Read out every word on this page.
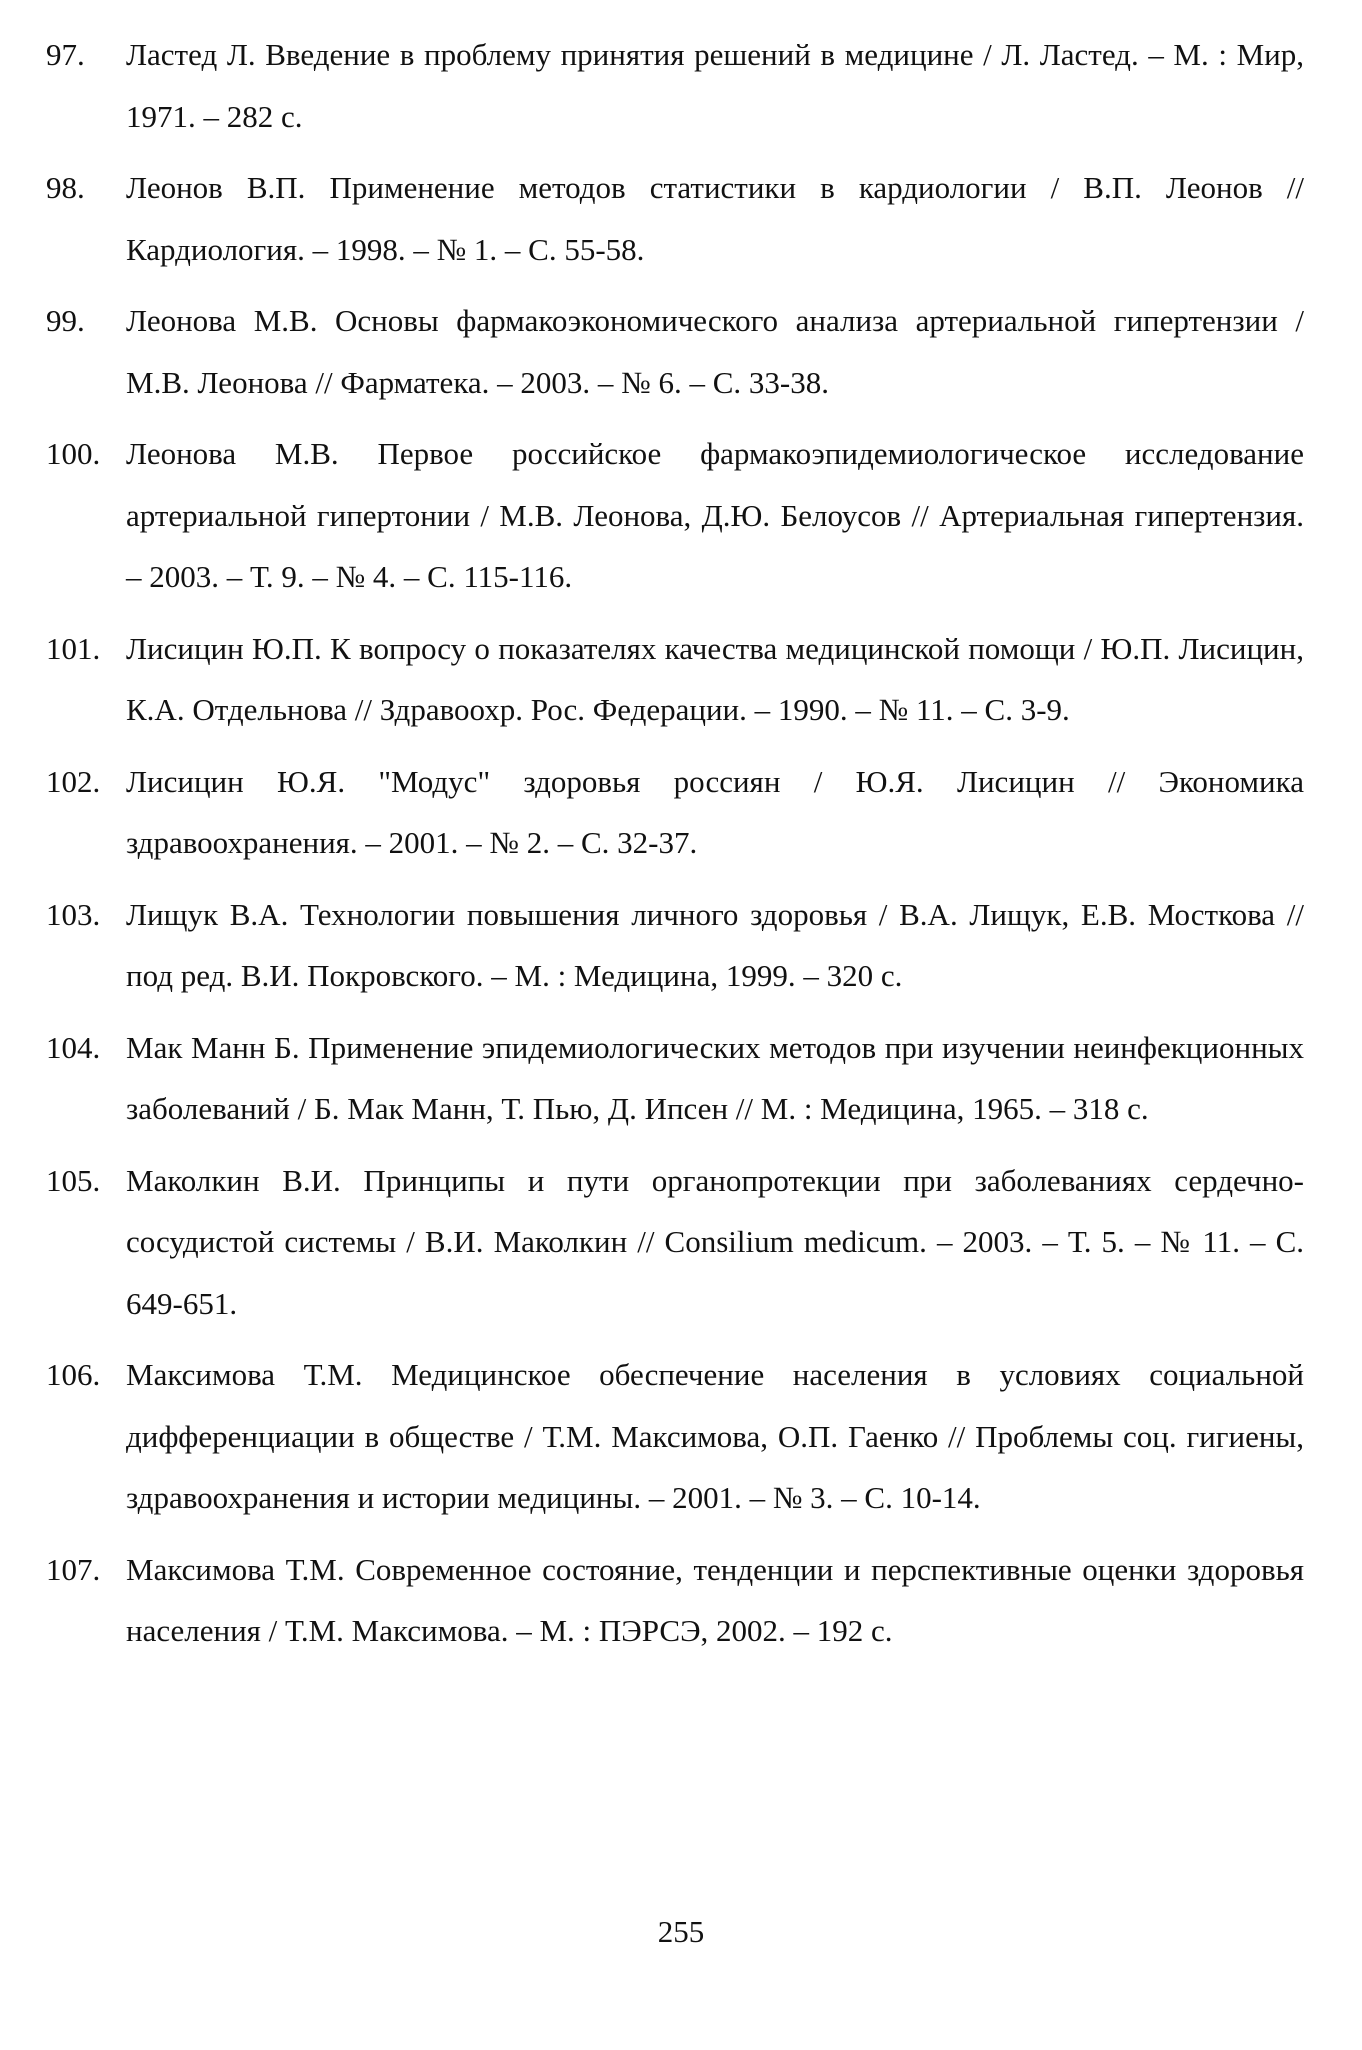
97.	Ластед Л. Введение в проблему принятия решений в медицине / Л. Ластед. – М. : Мир, 1971. – 282 с.
98.	Леонов В.П. Применение методов статистики в кардиологии / В.П. Леонов // Кардиология. – 1998. – № 1. – С. 55-58.
99.	Леонова М.В. Основы фармакоэкономического анализа артериальной гипертензии / М.В. Леонова // Фарматека. – 2003. – № 6. – С. 33-38.
100. Леонова М.В. Первое российское фармакоэпидемиологическое исследование артериальной гипертонии / М.В. Леонова, Д.Ю. Белоусов // Артериальная гипертензия. – 2003. – Т. 9. – № 4. – С. 115-116.
101. Лисицин Ю.П. К вопросу о показателях качества медицинской помощи / Ю.П. Лисицин, К.А. Отдельнова // Здравоохр. Рос. Федерации. – 1990. – № 11. – С. 3-9.
102. Лисицин Ю.Я. "Модус" здоровья россиян / Ю.Я. Лисицин // Экономика здравоохранения. – 2001. – № 2. – С. 32-37.
103. Лищук В.А. Технологии повышения личного здоровья / В.А. Лищук, Е.В. Мосткова // под ред. В.И. Покровского. – М. : Медицина, 1999. – 320 с.
104. Мак Манн Б. Применение эпидемиологических методов при изучении неинфекционных заболеваний / Б. Мак Манн, Т. Пью, Д. Ипсен // М. : Медицина, 1965. – 318 с.
105. Маколкин В.И. Принципы и пути органопротекции при заболеваниях сердечно-сосудистой системы / В.И. Маколкин // Consilium medicum. – 2003. – Т. 5. – № 11. – С. 649-651.
106. Максимова Т.М. Медицинское обеспечение населения в условиях социальной дифференциации в обществе / Т.М. Максимова, О.П. Гаенко // Проблемы соц. гигиены, здравоохранения и истории медицины. – 2001. – № 3. – С. 10-14.
107. Максимова Т.М. Современное состояние, тенденции и перспективные оценки здоровья населения / Т.М. Максимова. – М. : ПЭРСЭ, 2002. – 192 с.
255
